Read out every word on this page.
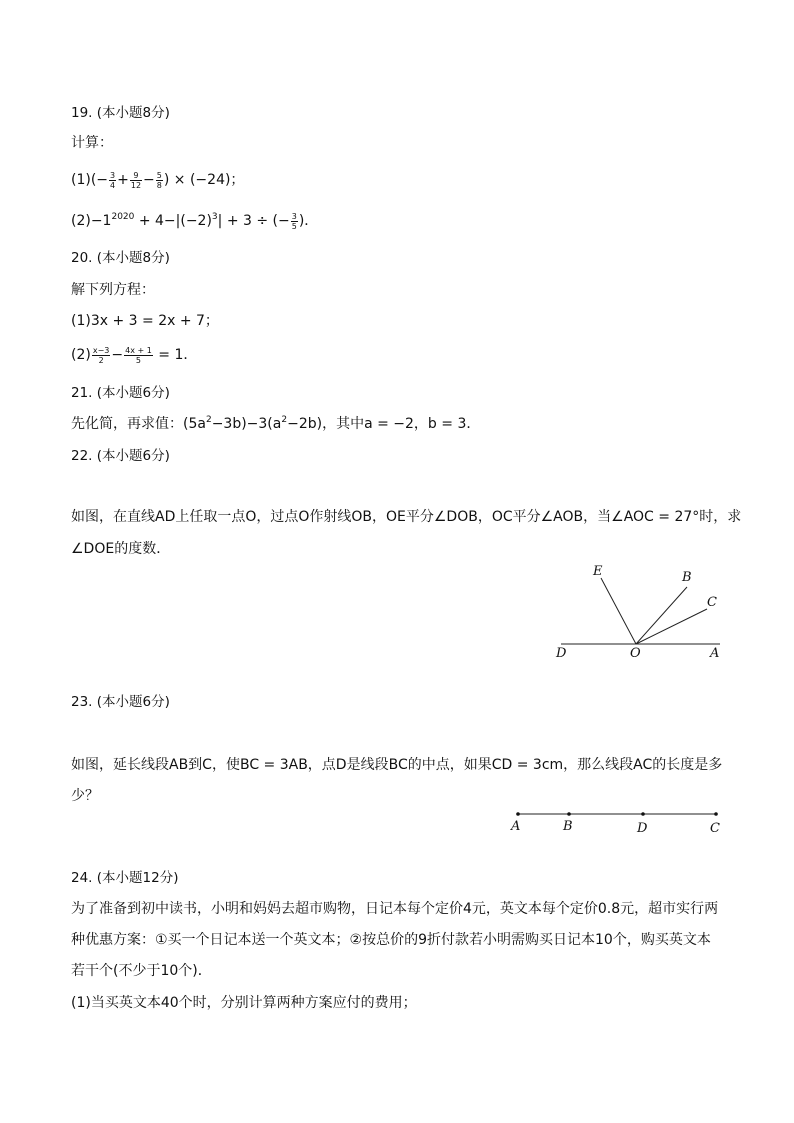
19. (本小题8分)
计算：
$(1)(- \frac{3}{4} + \frac{9}{12} - \frac{5}{8}$ ) × (−24)；
$(2)-1^{2020} + 4-|(-2)^3| + 3$ ÷ (− $\frac{3}{5}$ )．
20. (本小题8分)
解下列方程：
(1)3x + 3 = 2x + 7；
$(2) \frac{x-3}{2} - \frac{4x + 1}{5} = 1$．
21. (本小题6分)
先化简，再求值：$(5a^2-3b)-3(a^2-2b)$，其中a = −2，b = 3．
22. (本小题6分)
如图，在直线AD上任取一点O，过点O作射线OB，OE平分∠DOB，OC平分∠AOB，当∠AOC = 27°时，求
∠DOE的度数．
E	B
C
D	O	A
A	B	D	C
23. (本小题6分)
如图，延长线段AB到C，使BC = 3AB，点D是线段BC的中点，如果CD = 3cm，那么线段AC的长度是多
少？
24. (本小题12分)
为了准备到初中读书，小明和妈妈去超市购物，日记本每个定价4元，英文本每个定价0.8元，超市实行两
种优惠方案：①买一个日记本送一个英文本；②按总价的9折付款若小明需购买日记本10个，购买英文本
若干个(不少于10个)．
(1)当买英文本40个时，分别计算两种方案应付的费用；
